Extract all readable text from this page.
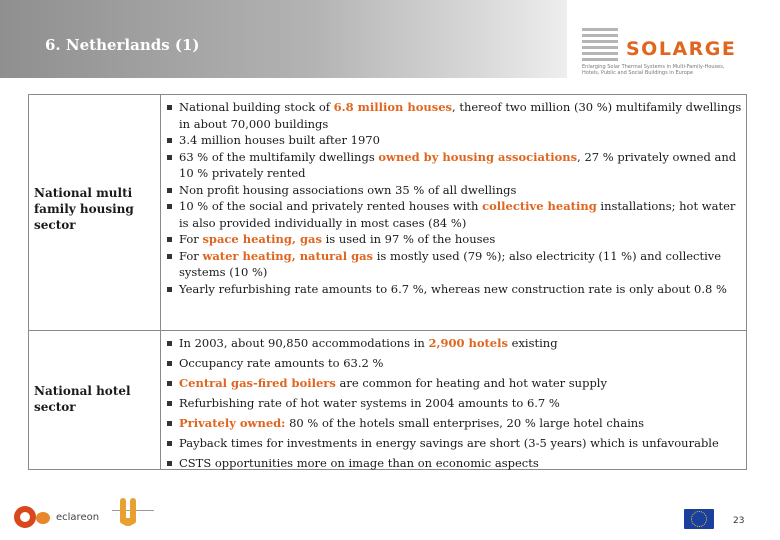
6. Netherlands (1)	SOLARGE
Enlarging Solar Thermal Systems in Multi-Family-Houses, Hotels, Public and Social Buildings in Europe
National multi family housing sector
National building stock of 6.8 million houses, thereof two million (30 %) multifamily dwellings in about 70,000 buildings
3.4 million houses built after 1970
63 % of the multifamily dwellings owned by housing associations, 27 % privately owned and 10 % privately rented
Non profit housing associations own 35 % of all dwellings
10 % of the social and privately rented houses with collective heating installations; hot water is also provided individually in most cases (84 %)
For space heating, gas is used in 97 % of the houses
For water heating, natural gas is mostly used (79 %); also electricity (11 %) and collective systems (10 %)
Yearly refurbishing rate amounts to 6.7 %, whereas new construction rate is only about 0.8 %
National hotel sector
In 2003, about 90,850 accommodations in 2,900 hotels existing
Occupancy rate amounts to 63.2 %
Central gas-fired boilers are common for heating and hot water supply
Refurbishing rate of hot water systems in 2004 amounts to 6.7 %
Privately owned: 80 % of the hotels small enterprises, 20 % large hotel chains
Payback times for investments in energy savings are short (3-5 years) which is unfavourable
CSTS opportunities more on image than on economic aspects
eclareon	23
